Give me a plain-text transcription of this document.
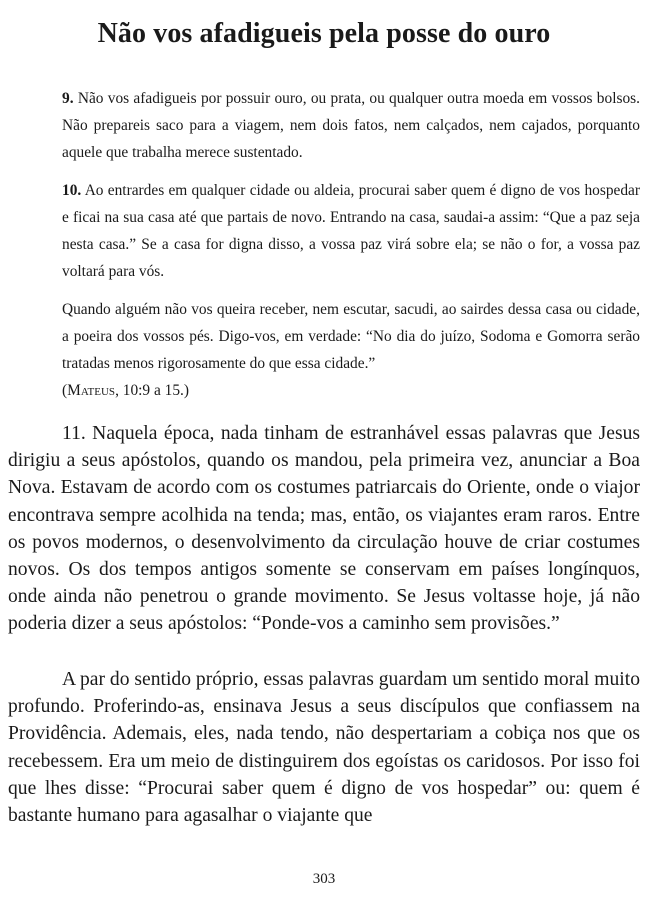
Não vos afadigueis pela posse do ouro

9. Não vos afadigueis por possuir ouro, ou prata, ou qualquer outra moeda em vossos bolsos. Não prepareis saco para a viagem, nem dois fatos, nem calçados, nem cajados, porquanto aquele que trabalha merece sustentado.

10. Ao entrardes em qualquer cidade ou aldeia, procurai saber quem é digno de vos hospedar e ficai na sua casa até que partais de novo. Entrando na casa, saudai-a assim: “Que a paz seja nesta casa.” Se a casa for digna disso, a vossa paz virá sobre ela; se não o for, a vossa paz voltará para vós.

Quando alguém não vos queira receber, nem escutar, sacudi, ao sairdes dessa casa ou cidade, a poeira dos vossos pés. Digo-vos, em verdade: “No dia do juízo, Sodoma e Gomorra serão tratadas menos rigorosamente do que essa cidade.”
(Mateus, 10:9 a 15.)

11. Naquela época, nada tinham de estranhável essas palavras que Jesus dirigiu a seus apóstolos, quando os mandou, pela primeira vez, anunciar a Boa Nova. Estavam de acordo com os costumes patriarcais do Oriente, onde o viajor encontrava sempre acolhida na tenda; mas, então, os viajantes eram raros. Entre os povos modernos, o desenvolvimento da circulação houve de criar costumes novos. Os dos tempos antigos somente se conservam em países longínquos, onde ainda não penetrou o grande movimento. Se Jesus voltasse hoje, já não poderia dizer a seus apóstolos: “Ponde-vos a caminho sem provisões.”

A par do sentido próprio, essas palavras guardam um sentido moral muito profundo. Proferindo-as, ensinava Jesus a seus discípulos que confiassem na Providência. Ademais, eles, nada tendo, não despertariam a cobiça nos que os recebessem. Era um meio de distinguirem dos egoístas os caridosos. Por isso foi que lhes disse: “Procurai saber quem é digno de vos hospedar” ou: quem é bastante humano para agasalhar o viajante que

303
